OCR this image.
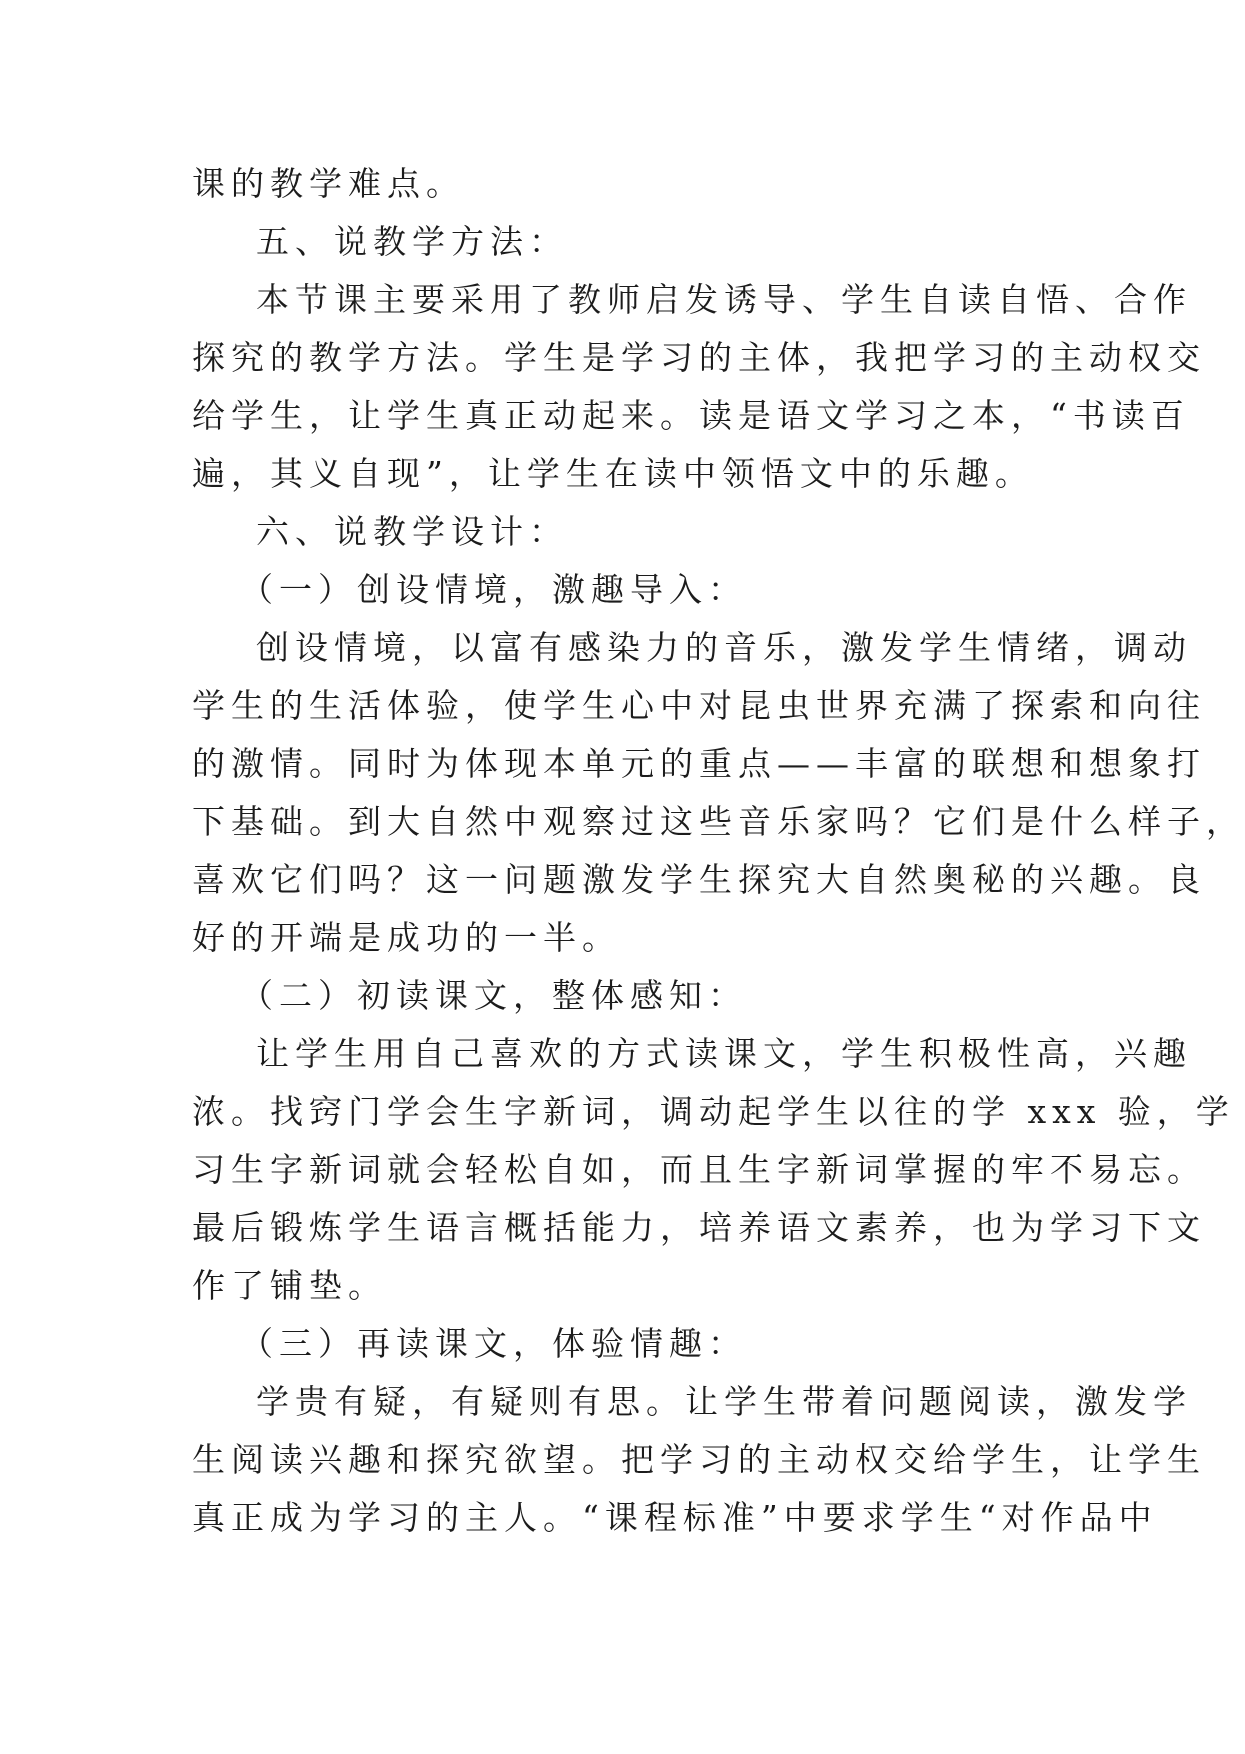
课的教学难点。
五、说教学方法：
本节课主要采用了教师启发诱导、学生自读自悟、合作
探究的教学方法。学生是学习的主体，我把学习的主动权交
给学生，让学生真正动起来。读是语文学习之本，“书读百
遍，其义自现”，让学生在读中领悟文中的乐趣。
六、说教学设计：
（一）创设情境，激趣导入：
创设情境，以富有感染力的音乐，激发学生情绪，调动
学生的生活体验，使学生心中对昆虫世界充满了探索和向往
的激情。同时为体现本单元的重点——丰富的联想和想象打
下基础。到大自然中观察过这些音乐家吗？它们是什么样子，
喜欢它们吗？这一问题激发学生探究大自然奥秘的兴趣。良
好的开端是成功的一半。
（二）初读课文，整体感知：
让学生用自己喜欢的方式读课文，学生积极性高，兴趣
浓。找窍门学会生字新词，调动起学生以往的学 xxx 验，学
习生字新词就会轻松自如，而且生字新词掌握的牢不易忘。
最后锻炼学生语言概括能力，培养语文素养，也为学习下文
作了铺垫。
（三）再读课文，体验情趣：
学贵有疑，有疑则有思。让学生带着问题阅读，激发学
生阅读兴趣和探究欲望。把学习的主动权交给学生，让学生
真正成为学习的主人。“课程标准”中要求学生“对作品中
